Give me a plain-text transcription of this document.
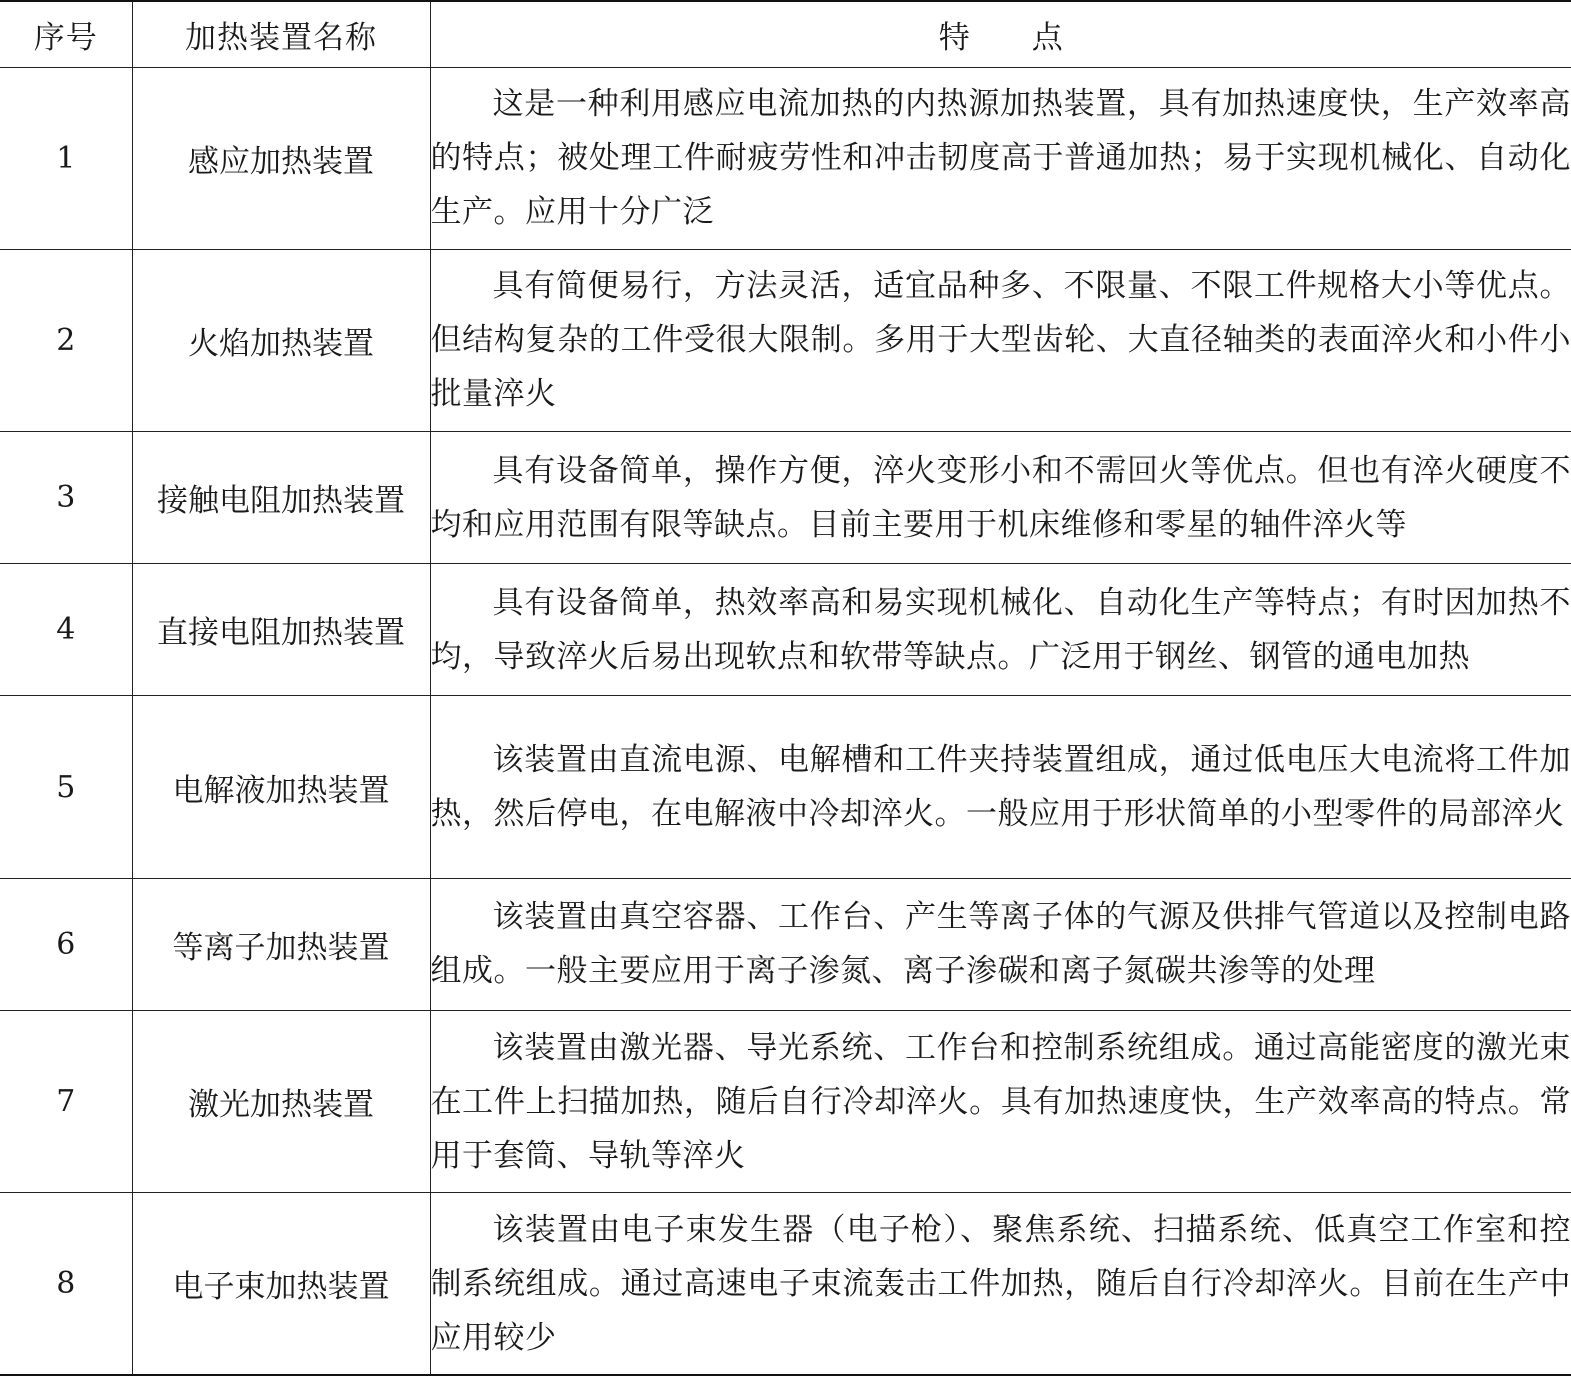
序号	加热装置名称	特　　点
1	感应加热装置	这是一种利用感应电流加热的内热源加热装置，具有加热速度快，生产效率高的特点；被处理工件耐疲劳性和冲击韧度高于普通加热；易于实现机械化、自动化生产。应用十分广泛
2	火焰加热装置	具有简便易行，方法灵活，适宜品种多、不限量、不限工件规格大小等优点。但结构复杂的工件受很大限制。多用于大型齿轮、大直径轴类的表面淬火和小件小批量淬火
3	接触电阻加热装置	具有设备简单，操作方便，淬火变形小和不需回火等优点。但也有淬火硬度不均和应用范围有限等缺点。目前主要用于机床维修和零星的轴件淬火等
4	直接电阻加热装置	具有设备简单，热效率高和易实现机械化、自动化生产等特点；有时因加热不均，导致淬火后易出现软点和软带等缺点。广泛用于钢丝、钢管的通电加热
5	电解液加热装置	该装置由直流电源、电解槽和工件夹持装置组成，通过低电压大电流将工件加热，然后停电，在电解液中冷却淬火。一般应用于形状简单的小型零件的局部淬火
6	等离子加热装置	该装置由真空容器、工作台、产生等离子体的气源及供排气管道以及控制电路组成。一般主要应用于离子渗氮、离子渗碳和离子氮碳共渗等的处理
7	激光加热装置	该装置由激光器、导光系统、工作台和控制系统组成。通过高能密度的激光束在工件上扫描加热，随后自行冷却淬火。具有加热速度快，生产效率高的特点。常用于套筒、导轨等淬火
8	电子束加热装置	该装置由电子束发生器（电子枪）、聚焦系统、扫描系统、低真空工作室和控制系统组成。通过高速电子束流轰击工件加热，随后自行冷却淬火。目前在生产中应用较少
